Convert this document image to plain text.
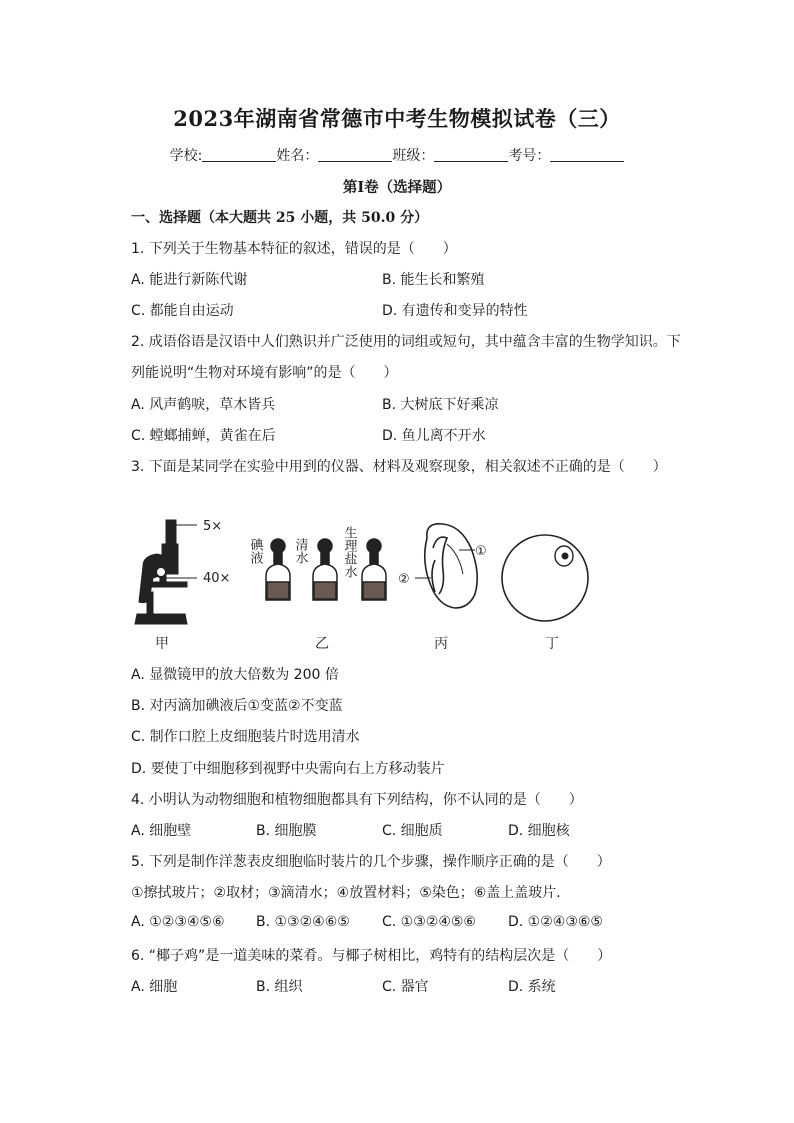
2023年湖南省常德市中考生物模拟试卷（三）
学校:	姓名：	班级：	考号：
第I卷（选择题）
一、选择题（本大题共 25 小题，共 50.0 分）
1. 下列关于生物基本特征的叙述，错误的是（　　）
A. 能进行新陈代谢	B. 能生长和繁殖
C. 都能自由运动	D. 有遗传和变异的特性
2. 成语俗语是汉语中人们熟识并广泛使用的词组或短句，其中蕴含丰富的生物学知识。下
列能说明“生物对环境有影响”的是（　　）
A. 风声鹤唳，草木皆兵	B. 大树底下好乘凉
C. 螳螂捕蝉，黄雀在后	D. 鱼儿离不开水
3. 下面是某同学在实验中用到的仪器、材料及观察现象，相关叙述不正确的是（　　）
5×
40×
碘液 清水	生理盐水	①
②
甲	乙	丙	丁
A. 显微镜甲的放大倍数为 200 倍
B. 对丙滴加碘液后①变蓝②不变蓝
C. 制作口腔上皮细胞装片时选用清水
D. 要使丁中细胞移到视野中央需向右上方移动装片
4. 小明认为动物细胞和植物细胞都具有下列结构，你不认同的是（　　）
A. 细胞壁	B. 细胞膜	C. 细胞质	D. 细胞核
5. 下列是制作洋葱表皮细胞临时装片的几个步骤，操作顺序正确的是（　　）
①擦拭玻片；②取材；③滴清水；④放置材料；⑤染色；⑥盖上盖玻片．
A. ①②③④⑤⑥ B. ①③②④⑥⑤ C. ①③②④⑤⑥ D. ①②④③⑥⑤
6. “椰子鸡”是一道美味的菜肴。与椰子树相比，鸡特有的结构层次是（　　）
A. 细胞	B. 组织	C. 器官	D. 系统
